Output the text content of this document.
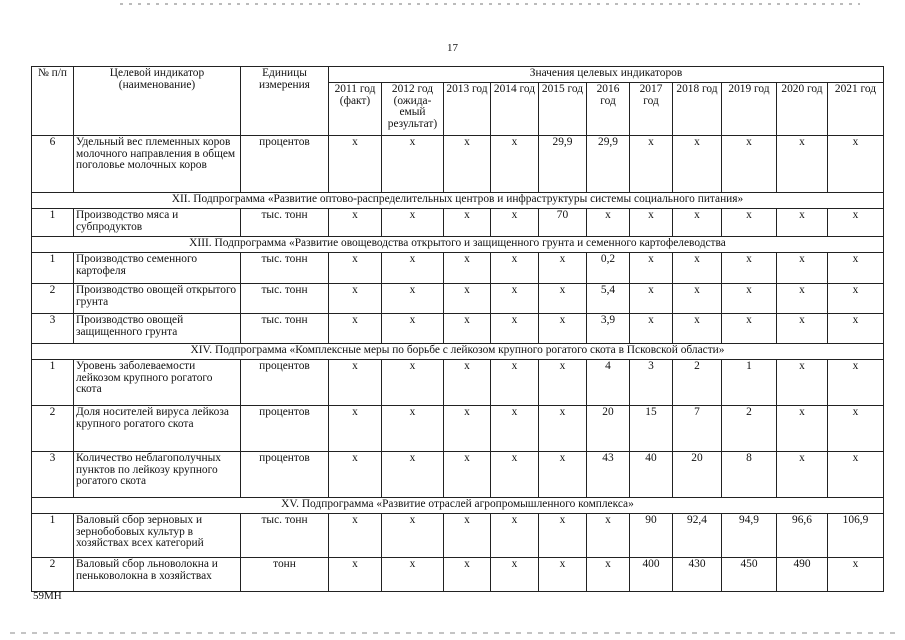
17
№ п/п	Целевой индикатор (наименование)	Единицы измерения	Значения целевых индикаторов										
			2011 год (факт)	2012 год (ожида- емый результат)	2013 год	2014 год	2015 год	2016 год	2017 год	2018 год	2019 год	2020 год	2021 год
6	Удельный вес племенных коров молочного направления в общем поголовье молочных коров	процентов	х	х	х	х	29,9	29,9	х	х	х	х	х
XII. Подпрограмма «Развитие оптово-распределительных центров и инфраструктуры системы социального питания»													
1	Производство мяса и субпродуктов	тыс. тонн	х	х	х	х	70	х	х	х	х	х	х
XIII. Подпрограмма «Развитие овощеводства открытого и защищенного грунта и семенного картофелеводства													
1	Производство семенного картофеля	тыс. тонн	х	х	х	х	х	0,2	х	х	х	х	х
2	Производство овощей открытого грунта	тыс. тонн	х	х	х	х	х	5,4	х	х	х	х	х
3	Производство овощей защищенного грунта	тыс. тонн	х	х	х	х	х	3,9	х	х	х	х	х
XIV. Подпрограмма «Комплексные меры по борьбе с лейкозом крупного рогатого скота в Псковской области»													
1	Уровень заболеваемости лейкозом крупного рогатого скота	процентов	х	х	х	х	х	4	3	2	1	х	х
2	Доля носителей вируса лейкоза крупного рогатого скота	процентов	х	х	х	х	х	20	15	7	2	х	х
3	Количество неблагополучных пунктов по лейкозу крупного рогатого скота	процентов	х	х	х	х	х	43	40	20	8	х	х
XV. Подпрограмма «Развитие отраслей агропромышленного комплекса»													
1	Валовый сбор зерновых и зернобобовых культур в хозяйствах всех категорий	тыс. тонн	х	х	х	х	х	х	90	92,4	94,9	96,6	106,9
2	Валовый сбор льноволокна и пеньковолокна в хозяйствах	тонн	х	х	х	х	х	х	400	430	450	490	х
59МН
